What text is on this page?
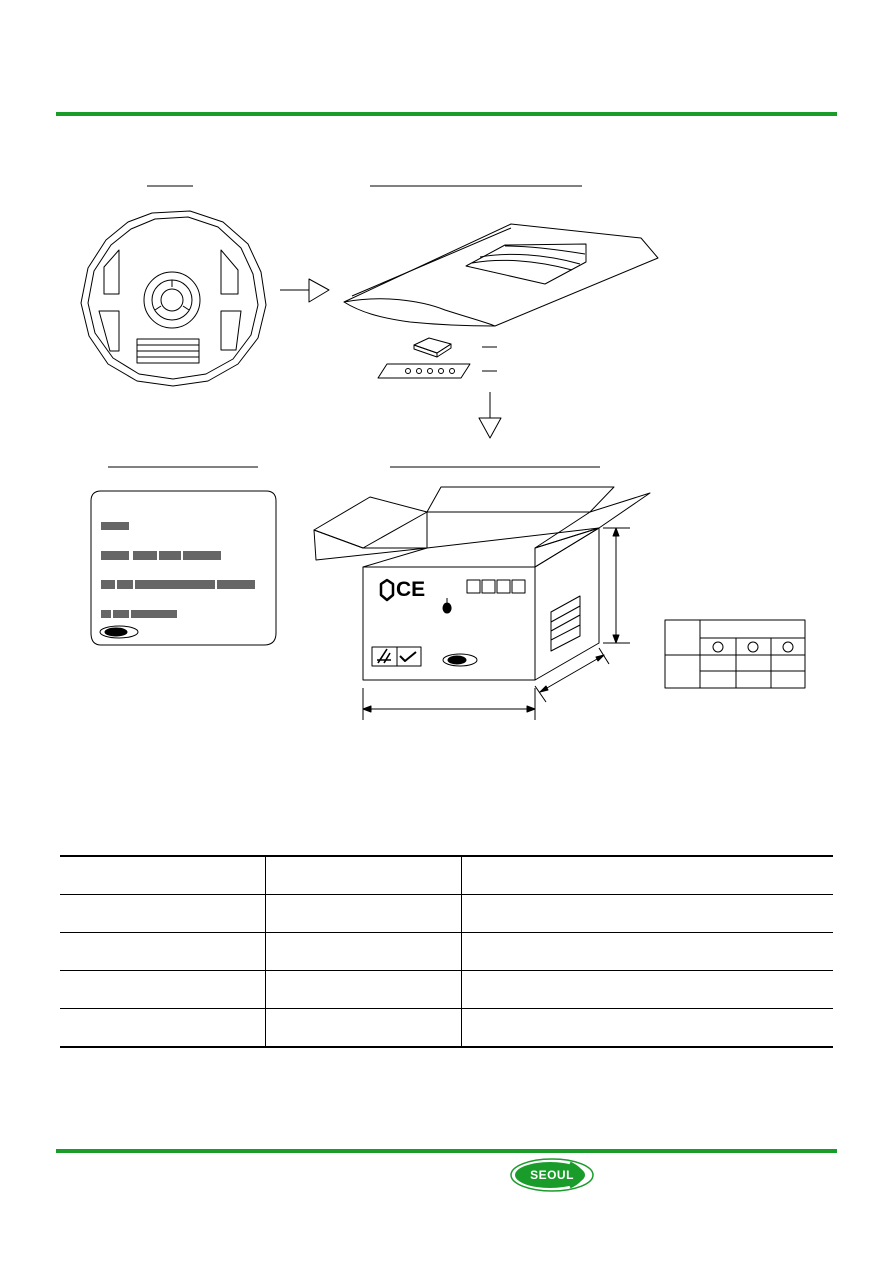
CE

SEOUL
